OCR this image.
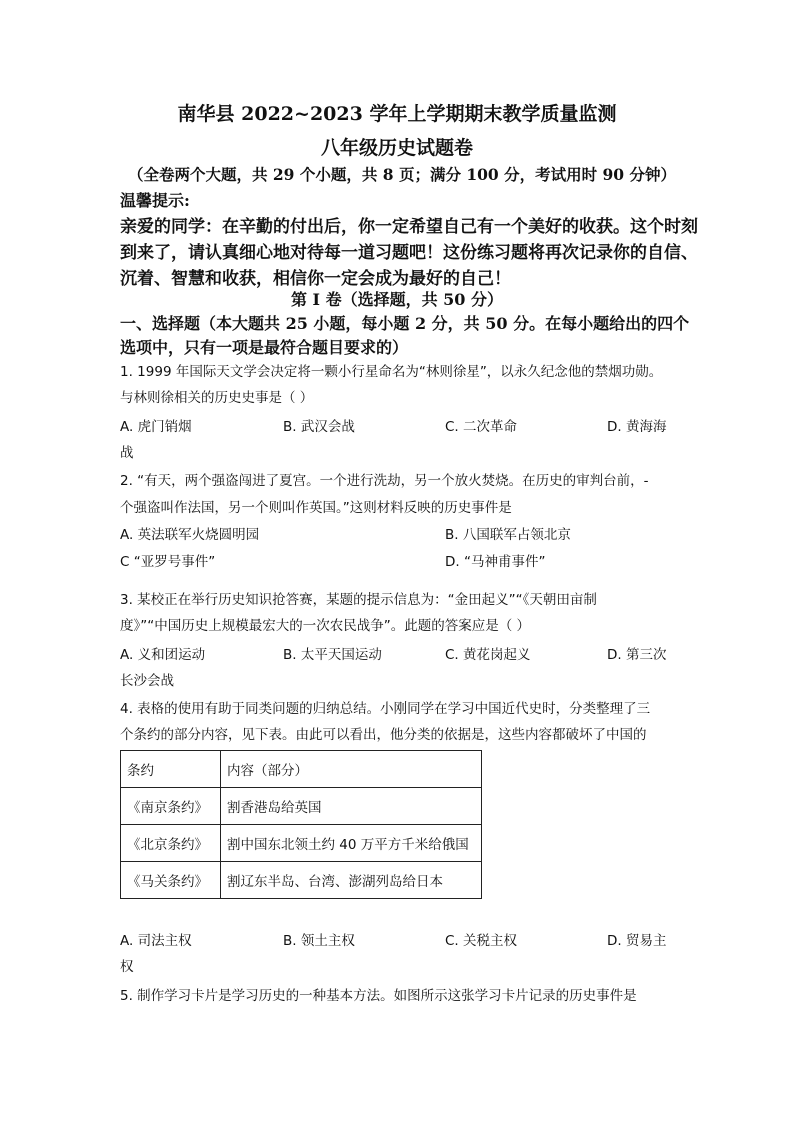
南华县 2022~2023 学年上学期期末教学质量监测
八年级历史试题卷
（全卷两个大题，共 29 个小题，共 8 页；满分 100 分，考试用时 90 分钟）
温馨提示:
亲爱的同学：在辛勤的付出后，你一定希望自己有一个美好的收获。这个时刻
到来了，请认真细心地对待每一道习题吧！这份练习题将再次记录你的自信、
沉着、智慧和收获，相信你一定会成为最好的自己！
第 I 卷（选择题，共 50 分）
一、选择题（本大题共 25 小题，每小题 2 分，共 50 分。在每小题给出的四个
选项中，只有一项是最符合题目要求的）
1. 1999 年国际天文学会决定将一颗小行星命名为“林则徐星”，以永久纪念他的禁烟功勋。
与林则徐相关的历史史事是（ ）
A. 虎门销烟	B. 武汉会战	C. 二次革命	D. 黄海海
战
2. “有天，两个强盗闯进了夏宫。一个进行洗劫，另一个放火焚烧。在历史的审判台前，-
个强盗叫作法国，另一个则叫作英国。”这则材料反映的历史事件是
A. 英法联军火烧圆明园	B. 八国联军占领北京
C “亚罗号事件”	D. “马神甫事件”
3. 某校正在举行历史知识抢答赛，某题的提示信息为：“金田起义”“《天朝田亩制
度》”“中国历史上规模最宏大的一次农民战争”。此题的答案应是（ ）
A. 义和团运动	B. 太平天国运动	C. 黄花岗起义	D. 第三次
长沙会战
4. 表格的使用有助于同类问题的归纳总结。小刚同学在学习中国近代史时，分类整理了三
个条约的部分内容，见下表。由此可以看出，他分类的依据是，这些内容都破坏了中国的
条约	内容（部分）
《南京条约》	割香港岛给英国
《北京条约》	割中国东北领土约 40 万平方千米给俄国
《马关条约》	割辽东半岛、台湾、澎湖列岛给日本
A. 司法主权	B. 领土主权	C. 关税主权	D. 贸易主
权
5. 制作学习卡片是学习历史的一种基本方法。如图所示这张学习卡片记录的历史事件是
